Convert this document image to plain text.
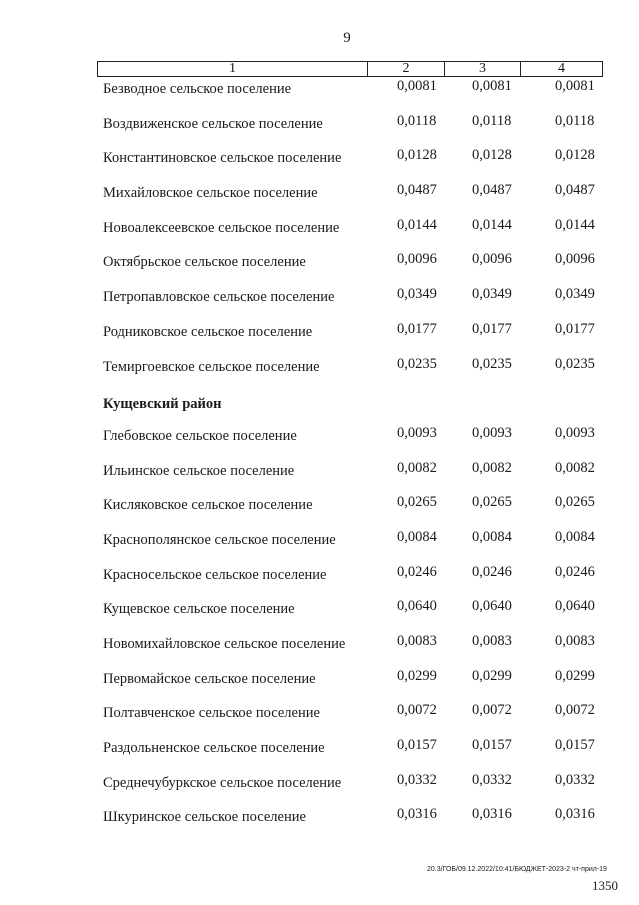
9
1	2	3	4
Безводное сельское поселение	0,0081 0,0081	0,0081
Воздвиженское сельское поселение	0,0118 0,0118	0,0118
Константиновское сельское поселение	0,0128 0,0128	0,0128
Михайловское сельское поселение	0,0487 0,0487	0,0487
Новоалексеевское сельское поселение	0,0144 0,0144	0,0144
Октябрьское сельское поселение	0,0096 0,0096	0,0096
Петропавловское сельское поселение	0,0349 0,0349	0,0349
Родниковское сельское поселение	0,0177 0,0177	0,0177
Темиргоевское сельское поселение	0,0235 0,0235	0,0235
Кущевский район
Глебовское сельское поселение	0,0093 0,0093	0,0093
Ильинское сельское поселение	0,0082 0,0082	0,0082
Кисляковское сельское поселение	0,0265 0,0265	0,0265
Краснополянское сельское поселение	0,0084 0,0084	0,0084
Красносельское сельское поселение	0,0246 0,0246	0,0246
Кущевское сельское поселение	0,0640 0,0640	0,0640
Новомихайловское сельское поселение	0,0083 0,0083	0,0083
Первомайское сельское поселение	0,0299 0,0299	0,0299
Полтавченское сельское поселение	0,0072 0,0072	0,0072
Раздольненское сельское поселение	0,0157 0,0157	0,0157
Среднечубуркское сельское поселение	0,0332 0,0332	0,0332
Шкуринское сельское поселение	0,0316 0,0316	0,0316
20.3/ГОБ/09.12.2022/10:41/БЮДЖЕТ-2023-2 чт-прил-19
1350
